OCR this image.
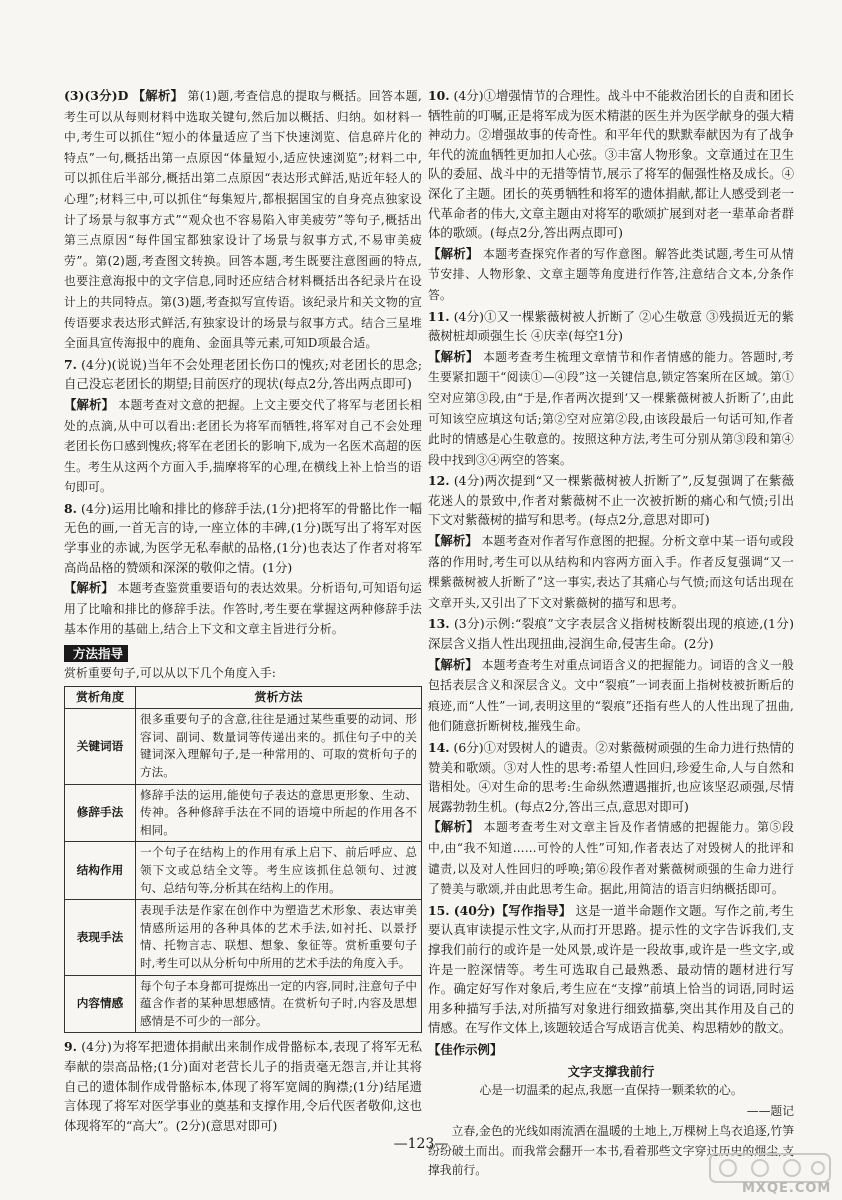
(3)(3分)D 【解析】 第(1)题,考查信息的提取与概括。回答本题,考生可以从每则材料中选取关键句,然后加以概括、归纳。如材料一中,考生可以抓住“短小的体量适应了当下快速浏览、信息碎片化的特点”一句,概括出第一点原因“体量短小,适应快速浏览”;材料二中,可以抓住后半部分,概括出第二点原因“表达形式鲜活,贴近年轻人的心理”;材料三中,可以抓住“每集短片,都根据国宝的自身亮点独家设计了场景与叙事方式”“观众也不容易陷入审美疲劳”等句子,概括出第三点原因“每件国宝都独家设计了场景与叙事方式,不易审美疲劳”。第(2)题,考查图文转换。回答本题,考生既要注意图画的特点,也要注意海报中的文字信息,同时还应结合材料概括出各纪录片在设计上的共同特点。第(3)题,考查拟写宣传语。该纪录片和关文物的宣传语要求表达形式鲜活,有独家设计的场景与叙事方式。结合三星堆全面具宣传海报中的鹿角、金面具等元素,可知D项最合适。

7. (4分)(说说)当年不会处理老团长伤口的愧疚;对老团长的思念;自己没忘老团长的期望;目前医疗的现状(每点2分,答出两点即可)

【解析】 本题考查对文意的把握。上文主要交代了将军与老团长相处的点滴,从中可以看出:老团长为将军而牺牲,将军对自己不会处理老团长伤口感到愧疚;将军在老团长的影响下,成为一名医术高超的医生。考生从这两个方面入手,揣摩将军的心理,在横线上补上恰当的语句即可。

8. (4分)运用比喻和排比的修辞手法,(1分)把将军的骨骼比作一幅无色的画,一首无言的诗,一座立体的丰碑,(1分)既写出了将军对医学事业的赤诚,为医学无私奉献的品格,(1分)也表达了作者对将军高尚品格的赞颂和深深的敬仰之情。(1分)

【解析】 本题考查鉴赏重要语句的表达效果。分析语句,可知语句运用了比喻和排比的修辞手法。作答时,考生要在掌握这两种修辞手法基本作用的基础上,结合上下文和文章主旨进行分析。

方法指导

赏析重要句子,可以从以下几个角度入手:

赏析角度	赏析方法
关键词语	很多重要句子的含意,往往是通过某些重要的动词、形容词、副词、数量词等传递出来的。抓住句子中的关键词深入理解句子,是一种常用的、可取的赏析句子的方法。
修辞手法	修辞手法的运用,能使句子表达的意思更形象、生动、传神。各种修辞手法在不同的语境中所起的作用各不相同。
结构作用	一个句子在结构上的作用有承上启下、前后呼应、总领下文或总结全文等。考生应该抓住总领句、过渡句、总结句等,分析其在结构上的作用。
表现手法	表现手法是作家在创作中为塑造艺术形象、表达审美情感所运用的各种具体的艺术手法,如衬托、以景抒情、托物言志、联想、想象、象征等。赏析重要句子时,考生可以从分析句中所用的艺术手法的角度入手。
内容情感	每个句子本身都可提炼出一定的内容,同时,注意句子中蕴含作者的某种思想感情。在赏析句子时,内容及思想感情是不可少的一部分。

9. (4分)为将军把遗体捐献出来制作成骨骼标本,表现了将军无私奉献的崇高品格;(1分)面对老营长儿子的指责毫无怨言,并让其将自己的遗体制作成骨骼标本,体现了将军宽阔的胸襟;(1分)结尾遗言体现了将军对医学事业的奠基和支撑作用,令后代医者敬仰,这也体现将军的“高大”。(2分)(意思对即可)

10. (4分)①增强情节的合理性。战斗中不能救治团长的自责和团长牺牲前的叮嘱,正是将军成为医术精湛的医生并为医学献身的强大精神动力。②增强故事的传奇性。和平年代的默默奉献因为有了战争年代的流血牺牲更加扣人心弦。③丰富人物形象。文章通过在卫生队的委屈、战斗中的无措等情节,展示了将军的倔强性格及成长。④深化了主题。团长的英勇牺牲和将军的遗体捐献,都让人感受到老一代革命者的伟大,文章主题由对将军的歌颂扩展到对老一辈革命者群体的歌颂。(每点2分,答出两点即可)

【解析】 本题考查探究作者的写作意图。解答此类试题,考生可从情节安排、人物形象、文章主题等角度进行作答,注意结合文本,分条作答。

11. (4分)①又一棵紫薇树被人折断了 ②心生敬意 ③残损近无的紫薇树桩却顽强生长 ④庆幸(每空1分)

【解析】 本题考查考生梳理文章情节和作者情感的能力。答题时,考生要紧扣题干“阅读①—④段”这一关键信息,锁定答案所在区域。第①空对应第③段,由“于是,作者两次提到‘又一棵紫薇树被人折断了’,由此可知该空应填这句话;第②空对应第②段,由该段最后一句话可知,作者此时的情感是心生敬意的。按照这种方法,考生可分别从第③段和第④段中找到③④两空的答案。

12. (4分)两次提到“又一棵紫薇树被人折断了”,反复强调了在紫薇花迷人的景致中,作者对紫薇树不止一次被折断的痛心和气愤;引出下文对紫薇树的描写和思考。(每点2分,意思对即可)

【解析】 本题考查对作者写作意图的把握。分析文章中某一语句或段落的作用时,考生可以从结构和内容两方面入手。作者反复强调“又一棵紫薇树被人折断了”这一事实,表达了其痛心与气愤;而这句话出现在文章开头,又引出了下文对紫薇树的描写和思考。

13. (3分)示例:“裂痕”文字表层含义指树枝断裂出现的痕迹,(1分)深层含义指人性出现扭曲,浸润生命,侵害生命。(2分)

【解析】 本题考查考生对重点词语含义的把握能力。词语的含义一般包括表层含义和深层含义。文中“裂痕”一词表面上指树枝被折断后的痕迹,而“人性”一词,表明这里的“裂痕”还指有些人的人性出现了扭曲,他们随意折断树枝,摧残生命。

14. (6分)①对毁树人的谴责。②对紫薇树顽强的生命力进行热情的赞美和歌颂。③对人性的思考:希望人性回归,珍爱生命,人与自然和谐相处。④对生命的思考:生命纵然遭遇摧折,也应该坚忍顽强,尽情展露勃勃生机。(每点2分,答出三点,意思对即可)

【解析】 本题考查考生对文章主旨及作者情感的把握能力。第⑤段中,由“我不知道……可怜的人性”可知,作者表达了对毁树人的批评和谴责,以及对人性回归的呼唤;第⑥段作者对紫薇树顽强的生命力进行了赞美与歌颂,并由此思考生命。据此,用简洁的语言归纳概括即可。

15. (40分)【写作指导】 这是一道半命题作文题。写作之前,考生要认真审读提示性文字,从而打开思路。提示性的文字告诉我们,支撑我们前行的或许是一处风景,或许是一段故事,或许是一些文字,或许是一腔深情等。考生可选取自己最熟悉、最动情的题材进行写作。确定好写作对象后,考生应在“支撑”前填上恰当的词语,同时运用多种描写手法,对所描写对象进行细致描摹,突出其作用及自己的情感。在写作文体上,该题较适合写成语言优美、构思精妙的散文。

【佳作示例】

文字支撑我前行

心是一切温柔的起点,我愿一直保持一颗柔软的心。

——题记

立春,金色的光线如雨流洒在温暖的土地上,万棵树上鸟衣追逐,竹笋纷纷破土而出。而我常会翻开一本书,看着那些文字穿过历史的烟尘,支撑我前行。

—123—
MXQE.COM
